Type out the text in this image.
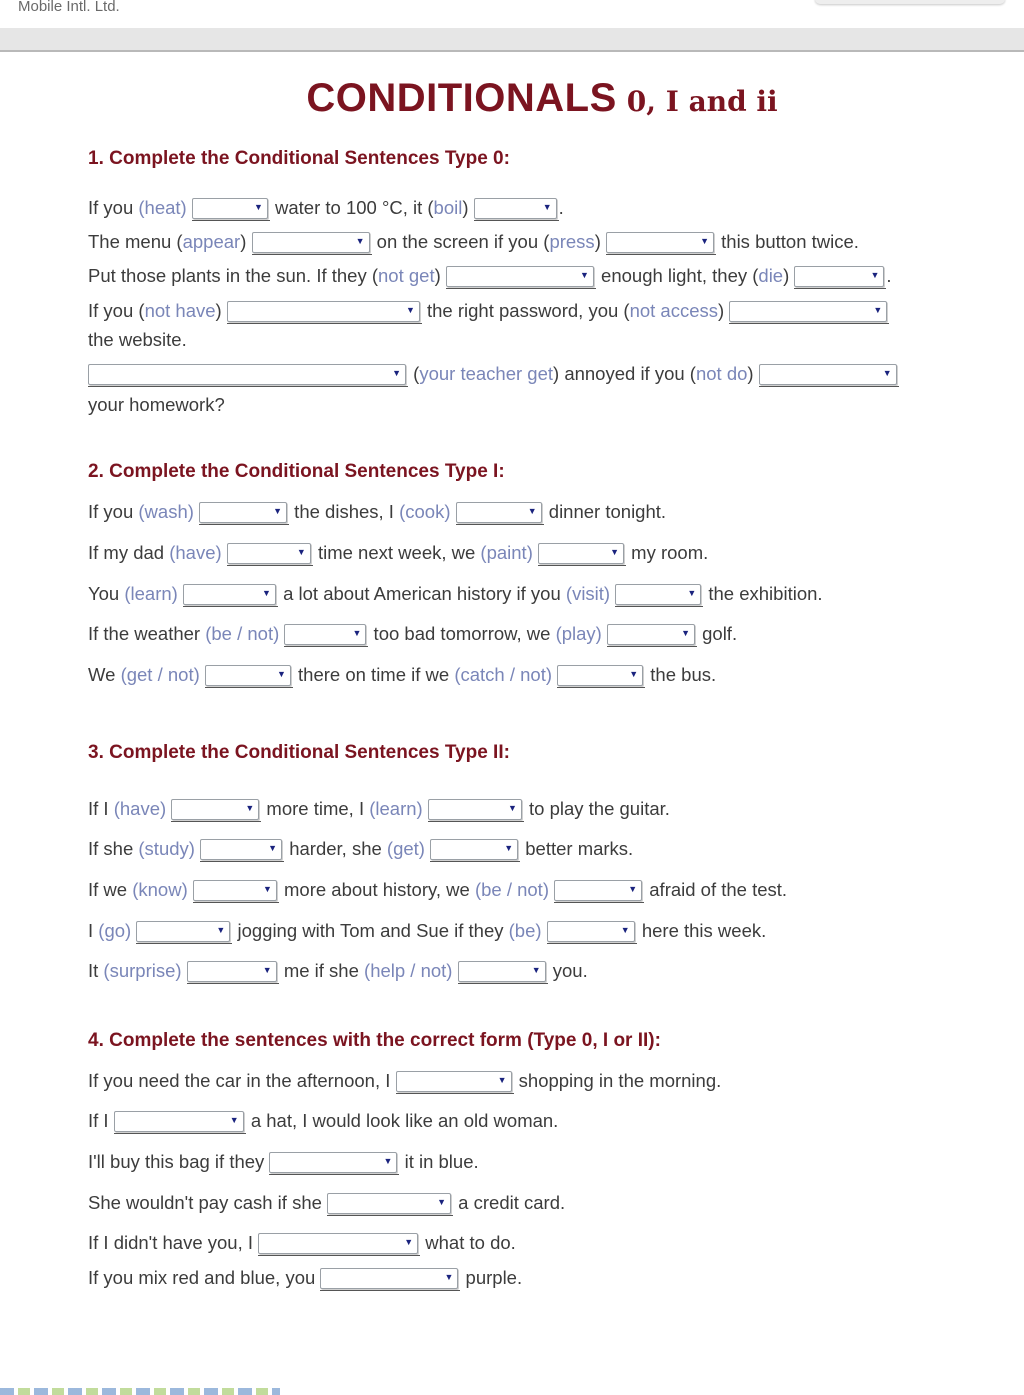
Mobile Intl. Ltd.
CONDITIONALS 0, I and ii
1. Complete the Conditional Sentences Type 0:
If you (heat)	▼ water to 100 °C, it (boil)	▼ .
The menu (appear)	▼ on the screen if you (press)	▼ this button twice.
Put those plants in the sun. If they (not get)	▼ enough light, they (die)	▼ .
If you (not have)	▼ the right password, you (not access)	▼
the website.
▼ (your teacher get) annoyed if you (not do)	▼
your homework?
2. Complete the Conditional Sentences Type I:
If you (wash)	▼ the dishes, I (cook)	▼ dinner tonight.
If my dad (have)	▼ time next week, we (paint)	▼ my room.
You (learn)	▼ a lot about American history if you (visit)	▼ the exhibition.
If the weather (be / not)	▼ too bad tomorrow, we (play)	▼ golf.
We (get / not)	▼ there on time if we (catch / not)	▼ the bus.
3. Complete the Conditional Sentences Type II:
If I (have)	▼ more time, I (learn)	▼ to play the guitar.
If she (study)	▼ harder, she (get)	▼ better marks.
If we (know)	▼ more about history, we (be / not)	▼ afraid of the test.
I (go)	▼ jogging with Tom and Sue if they (be)	▼ here this week.
It (surprise)	▼ me if she (help / not)	▼ you.
4. Complete the sentences with the correct form (Type 0, I or II):
If you need the car in the afternoon, I	▼ shopping in the morning.
If I	▼ a hat, I would look like an old woman.
I'll buy this bag if they	▼ it in blue.
She wouldn't pay cash if she	▼ a credit card.
If I didn't have you, I	▼ what to do.
If you mix red and blue, you	▼ purple.
